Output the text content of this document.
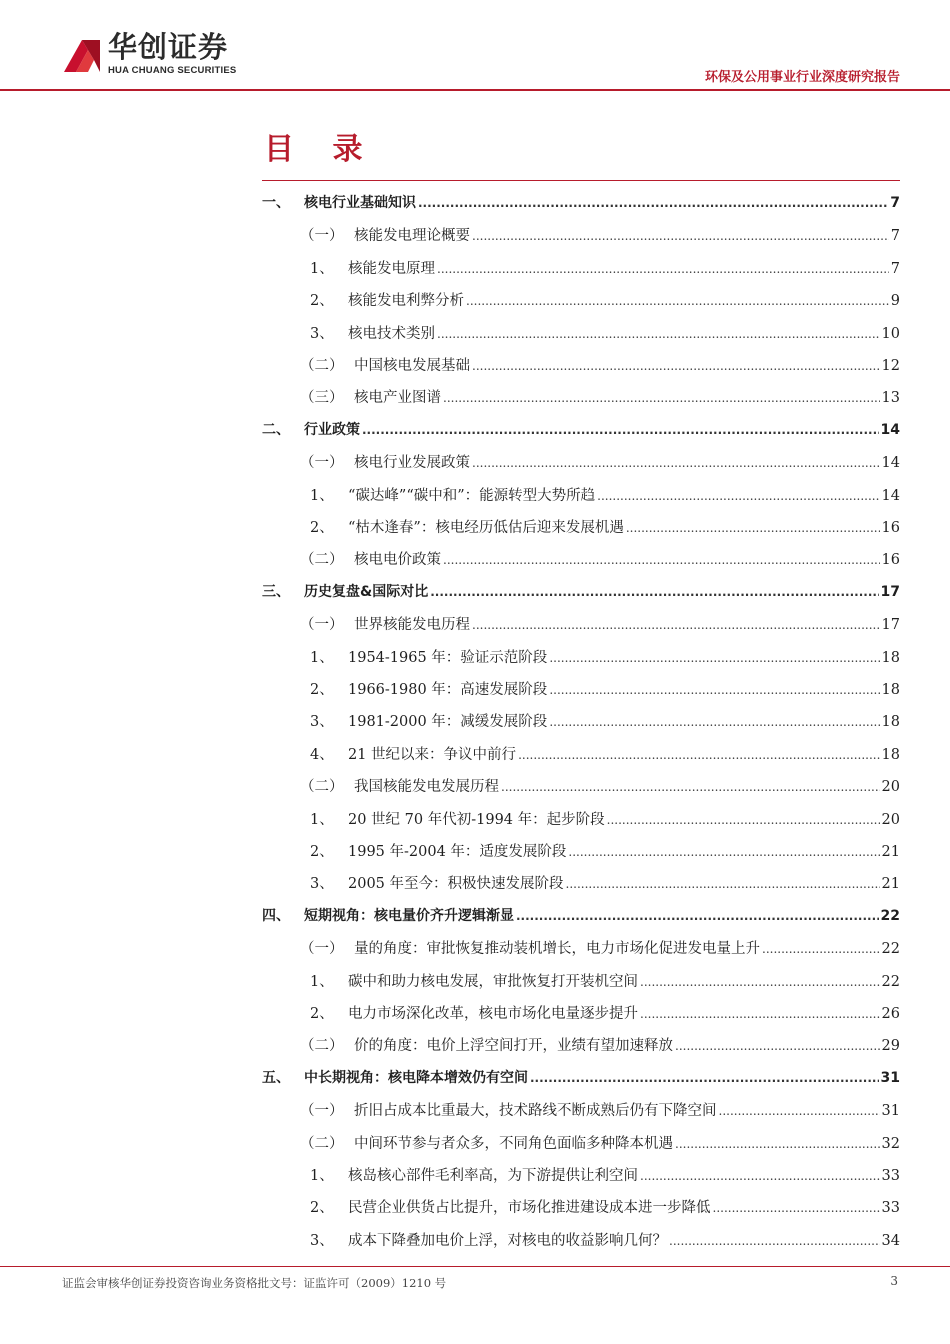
华创证券
HUA CHUANG SECURITIES	环保及公用事业行业深度研究报告
目 录
一、	核电行业基础知识 .....	7
（一） 核能发电理论概要 .....	7
1、 核能发电原理 .....	7
2、 核能发电利弊分析 .....	9
3、 核电技术类别 .....	10
（二） 中国核电发展基础 .....	12
（三） 核电产业图谱 .....	13
二、	行业政策 .....	14
（一） 核电行业发展政策 .....	14
1、 “碳达峰”“碳中和”：能源转型大势所趋 .....	14
2、 “枯木逢春”：核电经历低估后迎来发展机遇 .....	16
（二） 核电电价政策 .....	16
三、	历史复盘&国际对比 .....	17
（一） 世界核能发电历程 .....	17
1、 1954-1965 年：验证示范阶段 .....	18
2、 1966-1980 年：高速发展阶段 .....	18
3、 1981-2000 年：减缓发展阶段 .....	18
4、 21 世纪以来：争议中前行 .....	18
（二） 我国核能发电发展历程 .....	20
1、 20 世纪 70 年代初-1994 年：起步阶段 .....	20
2、 1995 年-2004 年：适度发展阶段 .....	21
3、 2005 年至今：积极快速发展阶段 .....	21
四、	短期视角：核电量价齐升逻辑渐显 .....	22
（一） 量的角度：审批恢复推动装机增长，电力市场化促进发电量上升 .....	22
1、 碳中和助力核电发展，审批恢复打开装机空间 .....	22
2、 电力市场深化改革，核电市场化电量逐步提升 .....	26
（二） 价的角度：电价上浮空间打开，业绩有望加速释放 .....	29
五、	中长期视角：核电降本增效仍有空间 .....	31
（一） 折旧占成本比重最大，技术路线不断成熟后仍有下降空间 .....	31
（二） 中间环节参与者众多，不同角色面临多种降本机遇 .....	32
1、 核岛核心部件毛利率高，为下游提供让利空间 .....	33
2、 民营企业供货占比提升，市场化推进建设成本进一步降低 .....	33
3、 成本下降叠加电价上浮，对核电的收益影响几何？ .....	34
证监会审核华创证券投资咨询业务资格批文号：证监许可（2009）1210 号	3
